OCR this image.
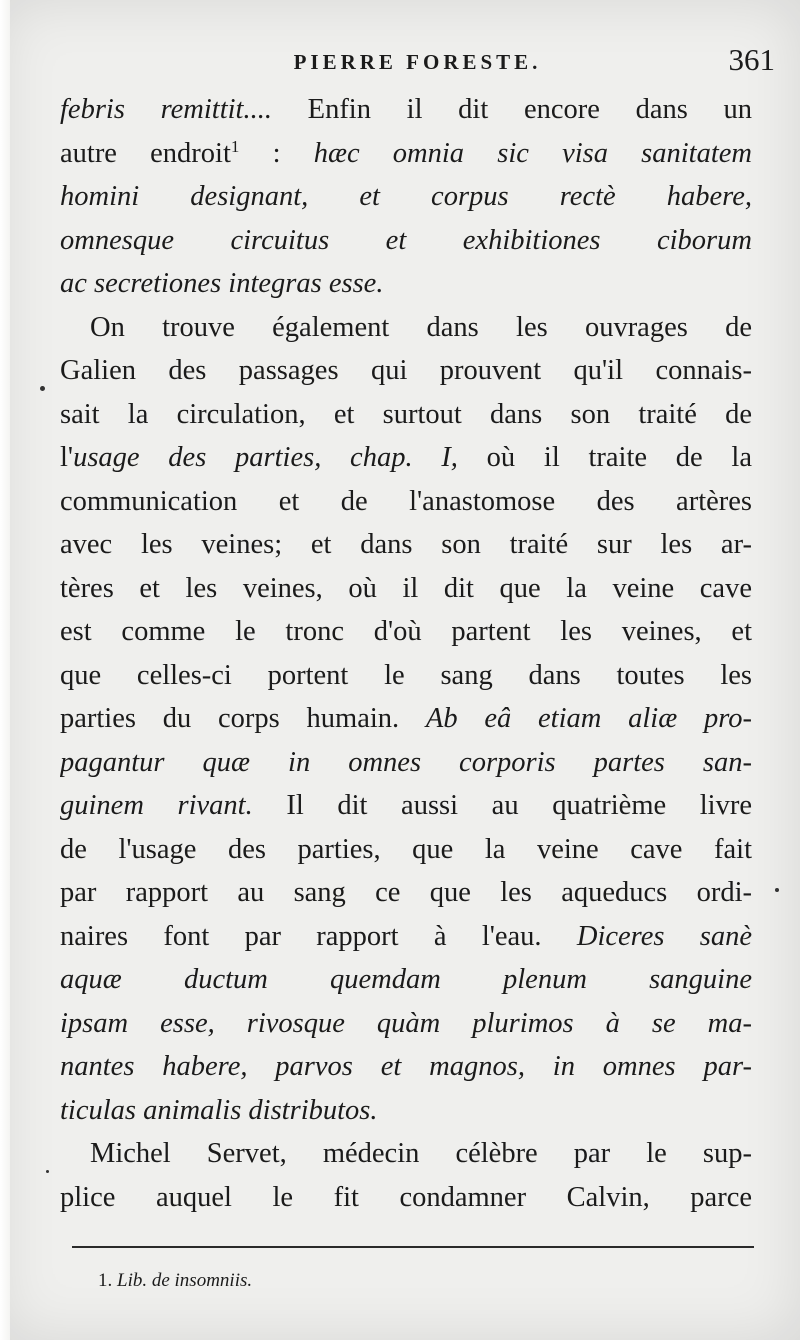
PIERRE FORESTE.	361
febris remittit.... Enfin il dit encore dans un
autre endroit$^1$ : hæc omnia sic visa sanitatem
homini designant, et corpus rectè habere,
omnesque circuitus et exhibitiones ciborum
ac secretiones integras esse.
On trouve également dans les ouvrages de
Galien des passages qui prouvent qu'il connais-
sait la circulation, et surtout dans son traité de
l'usage des parties, chap. I, où il traite de la
communication et de l'anastomose des artères
avec les veines; et dans son traité sur les ar-
tères et les veines, où il dit que la veine cave
est comme le tronc d'où partent les veines, et
que celles-ci portent le sang dans toutes les
parties du corps humain. Ab eâ etiam aliæ pro-
pagantur quæ in omnes corporis partes san-
guinem rivant. Il dit aussi au quatrième livre
de l'usage des parties, que la veine cave fait
par rapport au sang ce que les aqueducs ordi-
naires font par rapport à l'eau. Diceres sanè
aquæ ductum quemdam plenum sanguine
ipsam esse, rivosque quàm plurimos à se ma-
nantes habere, parvos et magnos, in omnes par-
ticulas animalis distributos.
Michel Servet, médecin célèbre par le sup-
plice auquel le fit condamner Calvin, parce
1. Lib. de insomniis.
